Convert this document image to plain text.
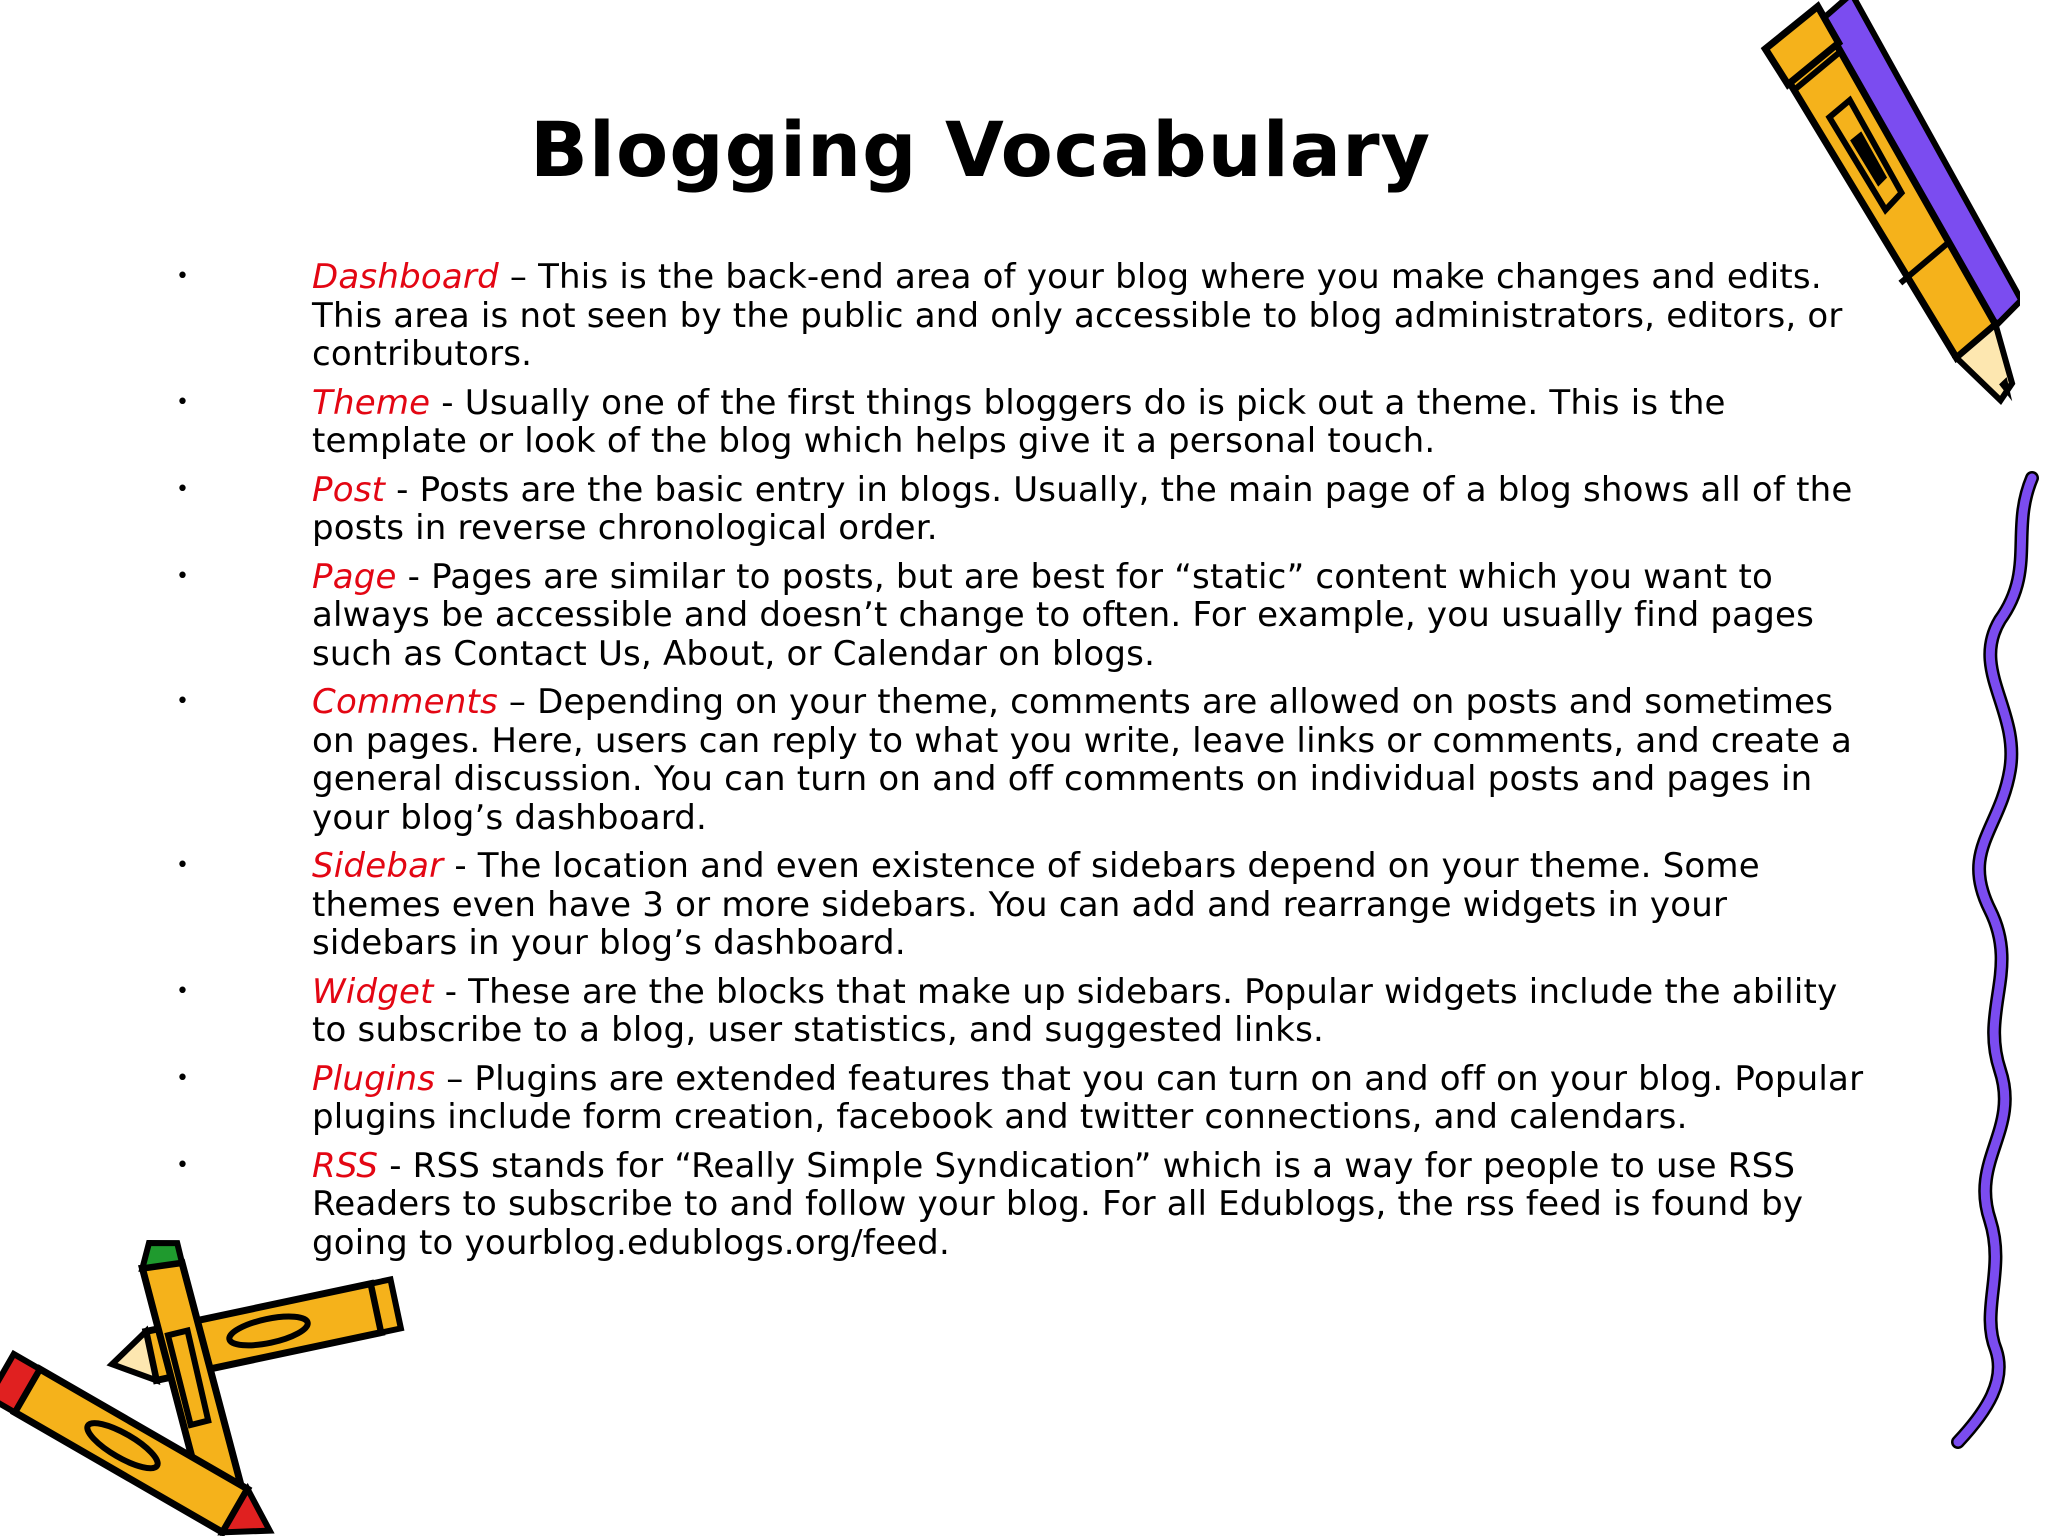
Blogging Vocabulary
•	Dashboard – This is the back-end area of your blog where you make changes and edits. This area is not seen by the public and only accessible to blog administrators, editors, or contributors.
•	Theme - Usually one of the first things bloggers do is pick out a theme. This is the template or look of the blog which helps give it a personal touch.
•	Post - Posts are the basic entry in blogs. Usually, the main page of a blog shows all of the posts in reverse chronological order.
•	Page - Pages are similar to posts, but are best for “static” content which you want to always be accessible and doesn’t change to often. For example, you usually find pages such as Contact Us, About, or Calendar on blogs.
•	Comments – Depending on your theme, comments are allowed on posts and sometimes on pages. Here, users can reply to what you write, leave links or comments, and create a general discussion. You can turn on and off comments on individual posts and pages in your blog’s dashboard.
•	Sidebar - The location and even existence of sidebars depend on your theme. Some themes even have 3 or more sidebars. You can add and rearrange widgets in your sidebars in your blog’s dashboard.
•	Widget - These are the blocks that make up sidebars. Popular widgets include the ability to subscribe to a blog, user statistics, and suggested links.
•	Plugins – Plugins are extended features that you can turn on and off on your blog. Popular plugins include form creation, facebook and twitter connections, and calendars.
•	RSS - RSS stands for “Really Simple Syndication” which is a way for people to use RSS Readers to subscribe to and follow your blog. For all Edublogs, the rss feed is found by going to yourblog.edublogs.org/feed.
